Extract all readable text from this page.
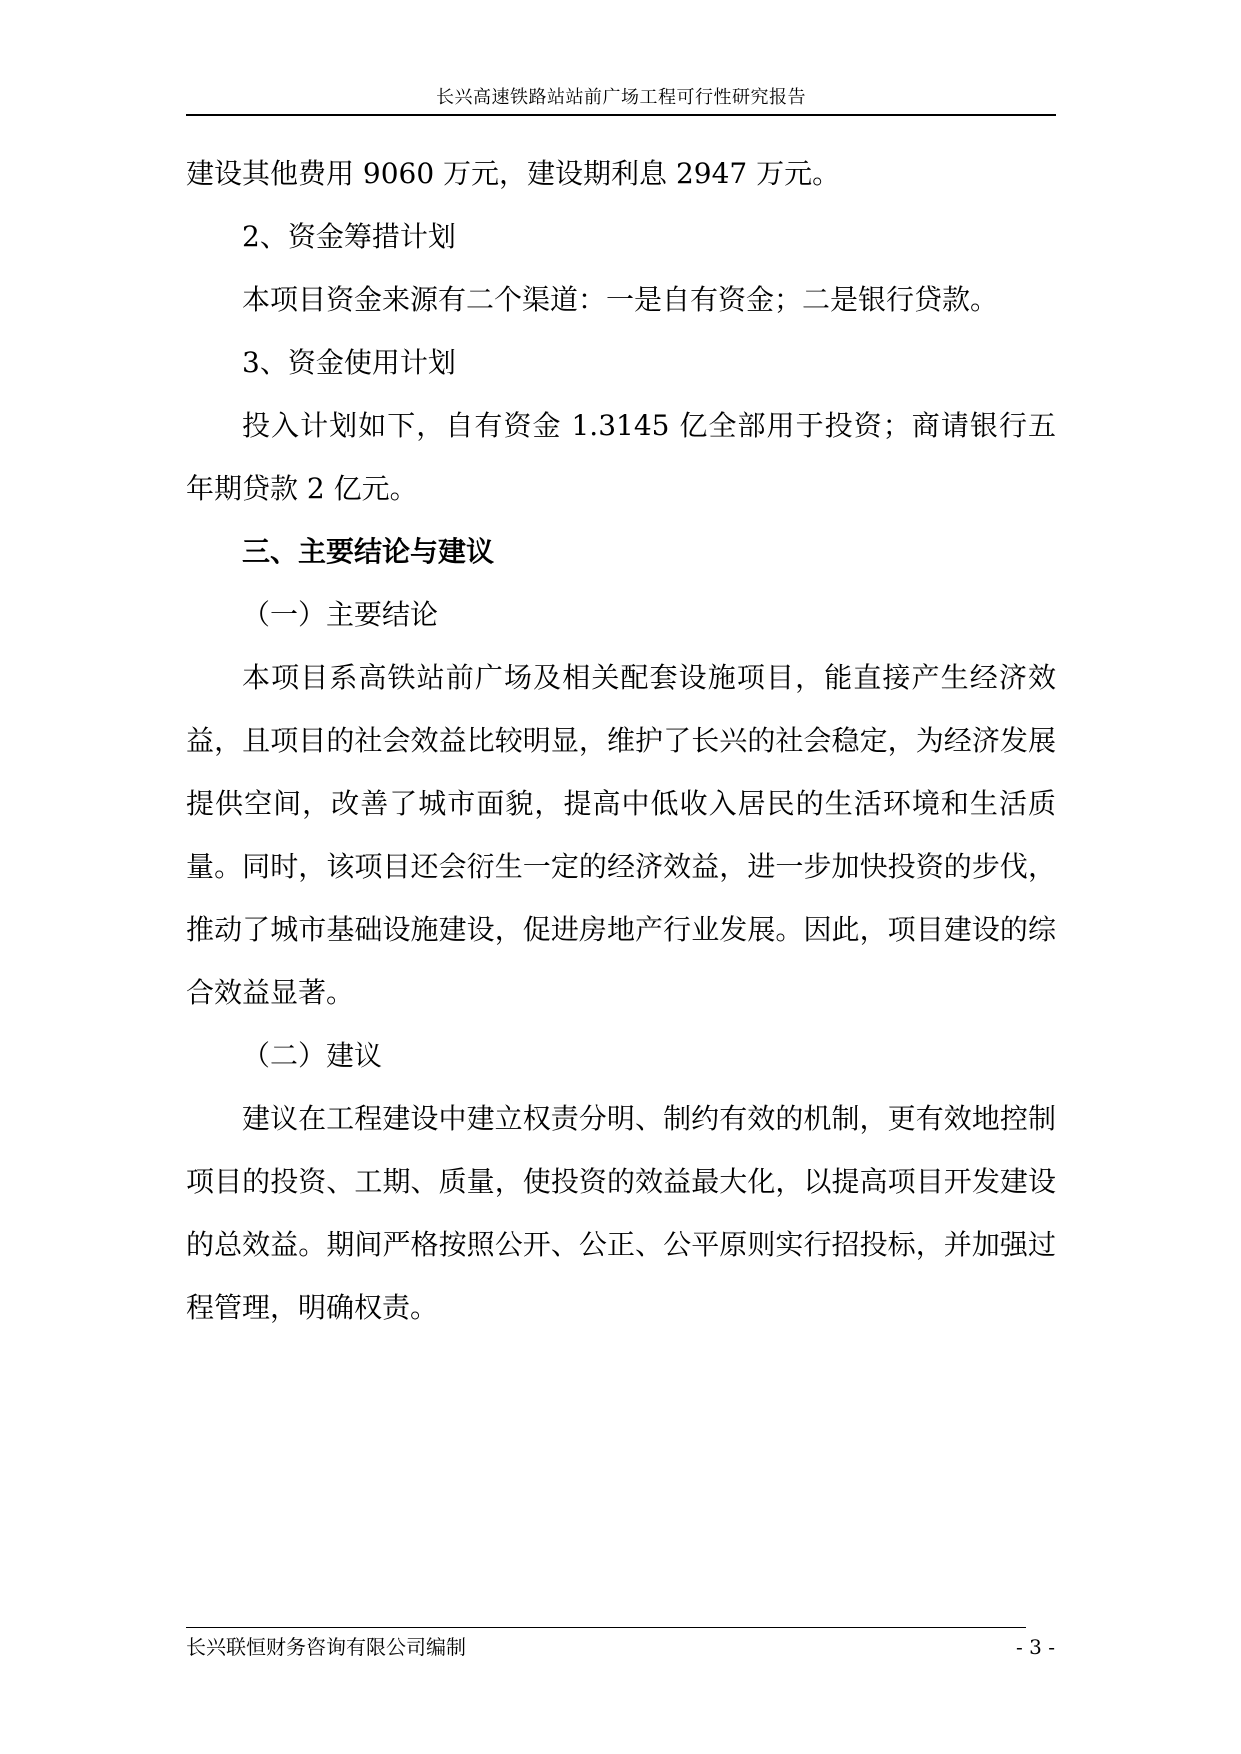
长兴高速铁路站站前广场工程可行性研究报告

建设其他费用 9060 万元，建设期利息 2947 万元。

2、资金筹措计划

本项目资金来源有二个渠道：一是自有资金；二是银行贷款。

3、资金使用计划

投入计划如下，自有资金 1.3145 亿全部用于投资；商请银行五年期贷款 2 亿元。

三、主要结论与建议

（一）主要结论

本项目系高铁站前广场及相关配套设施项目，能直接产生经济效益，且项目的社会效益比较明显，维护了长兴的社会稳定，为经济发展提供空间，改善了城市面貌，提高中低收入居民的生活环境和生活质量。同时，该项目还会衍生一定的经济效益，进一步加快投资的步伐，推动了城市基础设施建设，促进房地产行业发展。因此，项目建设的综合效益显著。

（二）建议

建议在工程建设中建立权责分明、制约有效的机制，更有效地控制项目的投资、工期、质量，使投资的效益最大化，以提高项目开发建设的总效益。期间严格按照公开、公正、公平原则实行招投标，并加强过程管理，明确权责。

长兴联恒财务咨询有限公司编制	- 3 -
